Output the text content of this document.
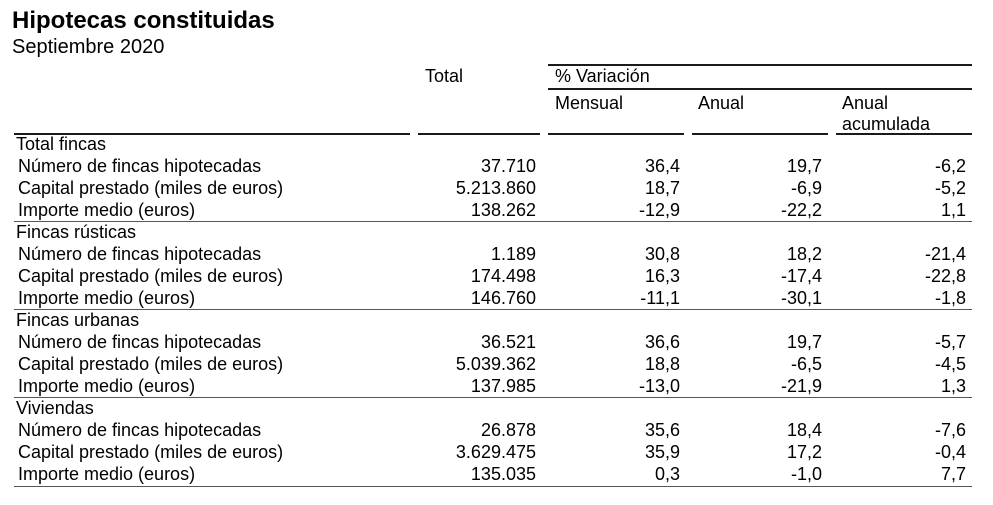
Hipotecas constituidas
Septiembre 2020
Total	% Variación
Mensual	Anual	Anual
acumulada
Total fincas
Número de fincas hipotecadas	37.710	36,4	19,7	-6,2
Capital prestado (miles de euros)	5.213.860	18,7	-6,9	-5,2
Importe medio (euros)	138.262	-12,9	-22,2	1,1
Fincas rústicas
Número de fincas hipotecadas	1.189	30,8	18,2	-21,4
Capital prestado (miles de euros)	174.498	16,3	-17,4	-22,8
Importe medio (euros)	146.760	-11,1	-30,1	-1,8
Fincas urbanas
Número de fincas hipotecadas	36.521	36,6	19,7	-5,7
Capital prestado (miles de euros)	5.039.362	18,8	-6,5	-4,5
Importe medio (euros)	137.985	-13,0	-21,9	1,3
Viviendas
Número de fincas hipotecadas	26.878	35,6	18,4	-7,6
Capital prestado (miles de euros)	3.629.475	35,9	17,2	-0,4
Importe medio (euros)	135.035	0,3	-1,0	7,7
